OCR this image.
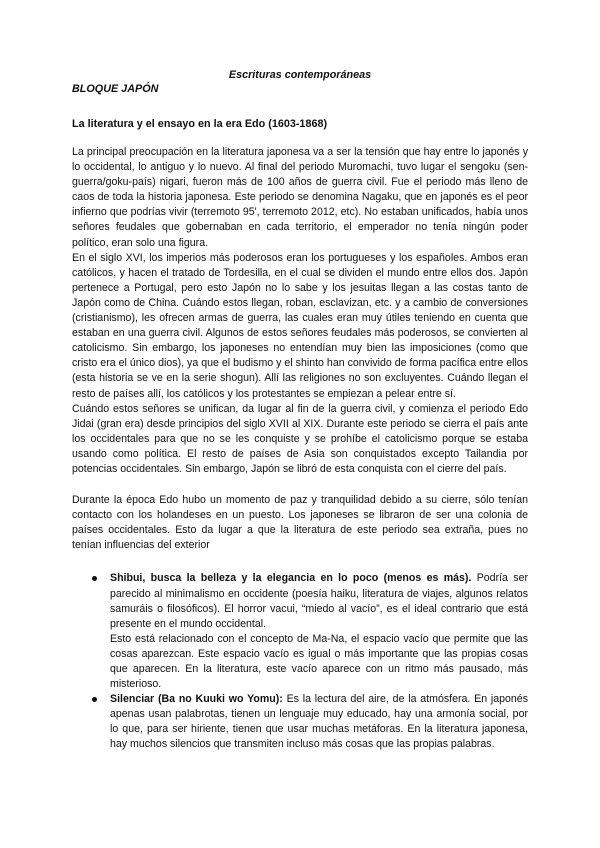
Escrituras contemporáneas
BLOQUE JAPÓN
La literatura y el ensayo en la era Edo (1603-1868)

La principal preocupación en la literatura japonesa va a ser la tensión que hay entre lo japonés y lo occidental, lo antiguo y lo nuevo. Al final del periodo Muromachi, tuvo lugar el sengoku (sen-guerra/goku-país) nigari, fueron más de 100 años de guerra civil. Fue el periodo más lleno de caos de toda la historia japonesa. Este periodo se denomina Nagaku, que en japonés es el peor infierno que podrías vivir (terremoto 95', terremoto 2012, etc). No estaban unificados, había unos señores feudales que gobernaban en cada territorio, el emperador no tenía ningún poder político, eran solo una figura.

En el siglo XVI, los imperios más poderosos eran los portugueses y los españoles. Ambos eran católicos, y hacen el tratado de Tordesilla, en el cual se dividen el mundo entre ellos dos. Japón pertenece a Portugal, pero esto Japón no lo sabe y los jesuitas llegan a las costas tanto de Japón como de China. Cuándo estos llegan, roban, esclavizan, etc. y a cambio de conversiones (cristianismo), les ofrecen armas de guerra, las cuales eran muy útiles teniendo en cuenta que estaban en una guerra civil. Algunos de estos señores feudales más poderosos, se convierten al catolicismo. Sin embargo, los japoneses no entendían muy bien las imposiciones (como que cristo era el único dios), ya que el budismo y el shinto han convivido de forma pacífica entre ellos (esta historia se ve en la serie shogun). Allí las religiones no son excluyentes. Cuándo llegan el resto de países allí, los católicos y los protestantes se empiezan a pelear entre sí.

Cuándo estos señores se unifican, da lugar al fin de la guerra civil, y comienza el periodo Edo Jidai (gran era) desde principios del siglo XVII al XIX. Durante este periodo se cierra el país ante los occidentales para que no se les conquiste y se prohíbe el catolicismo porque se estaba usando como política. El resto de países de Asia son conquistados excepto Tailandia por potencias occidentales. Sin embargo, Japón se libró de esta conquista con el cierre del país.

Durante la época Edo hubo un momento de paz y tranquilidad debido a su cierre, sólo tenían contacto con los holandeses en un puesto. Los japoneses se libraron de ser una colonia de países occidentales. Esto da lugar a que la literatura de este periodo sea extraña, pues no tenían influencias del exterior

Shibui, busca la belleza y la elegancia en lo poco (menos es más). Podría ser parecido al minimalismo en occidente (poesía haiku, literatura de viajes, algunos relatos samuráis o filosóficos). El horror vacui, “miedo al vacío”, es el ideal contrario que está presente en el mundo occidental.

Esto está relacionado con el concepto de Ma-Na, el espacio vacío que permite que las cosas aparezcan. Este espacio vacío es igual o más importante que las propias cosas que aparecen. En la literatura, este vacío aparece con un ritmo más pausado, más misterioso.

Silenciar (Ba no Kuuki wo Yomu): Es la lectura del aire, de la atmósfera. En japonés apenas usan palabrotas, tienen un lenguaje muy educado, hay una armonía social, por lo que, para ser hiriente, tienen que usar muchas metáforas. En la literatura japonesa, hay muchos silencios que transmiten incluso más cosas que las propias palabras.
